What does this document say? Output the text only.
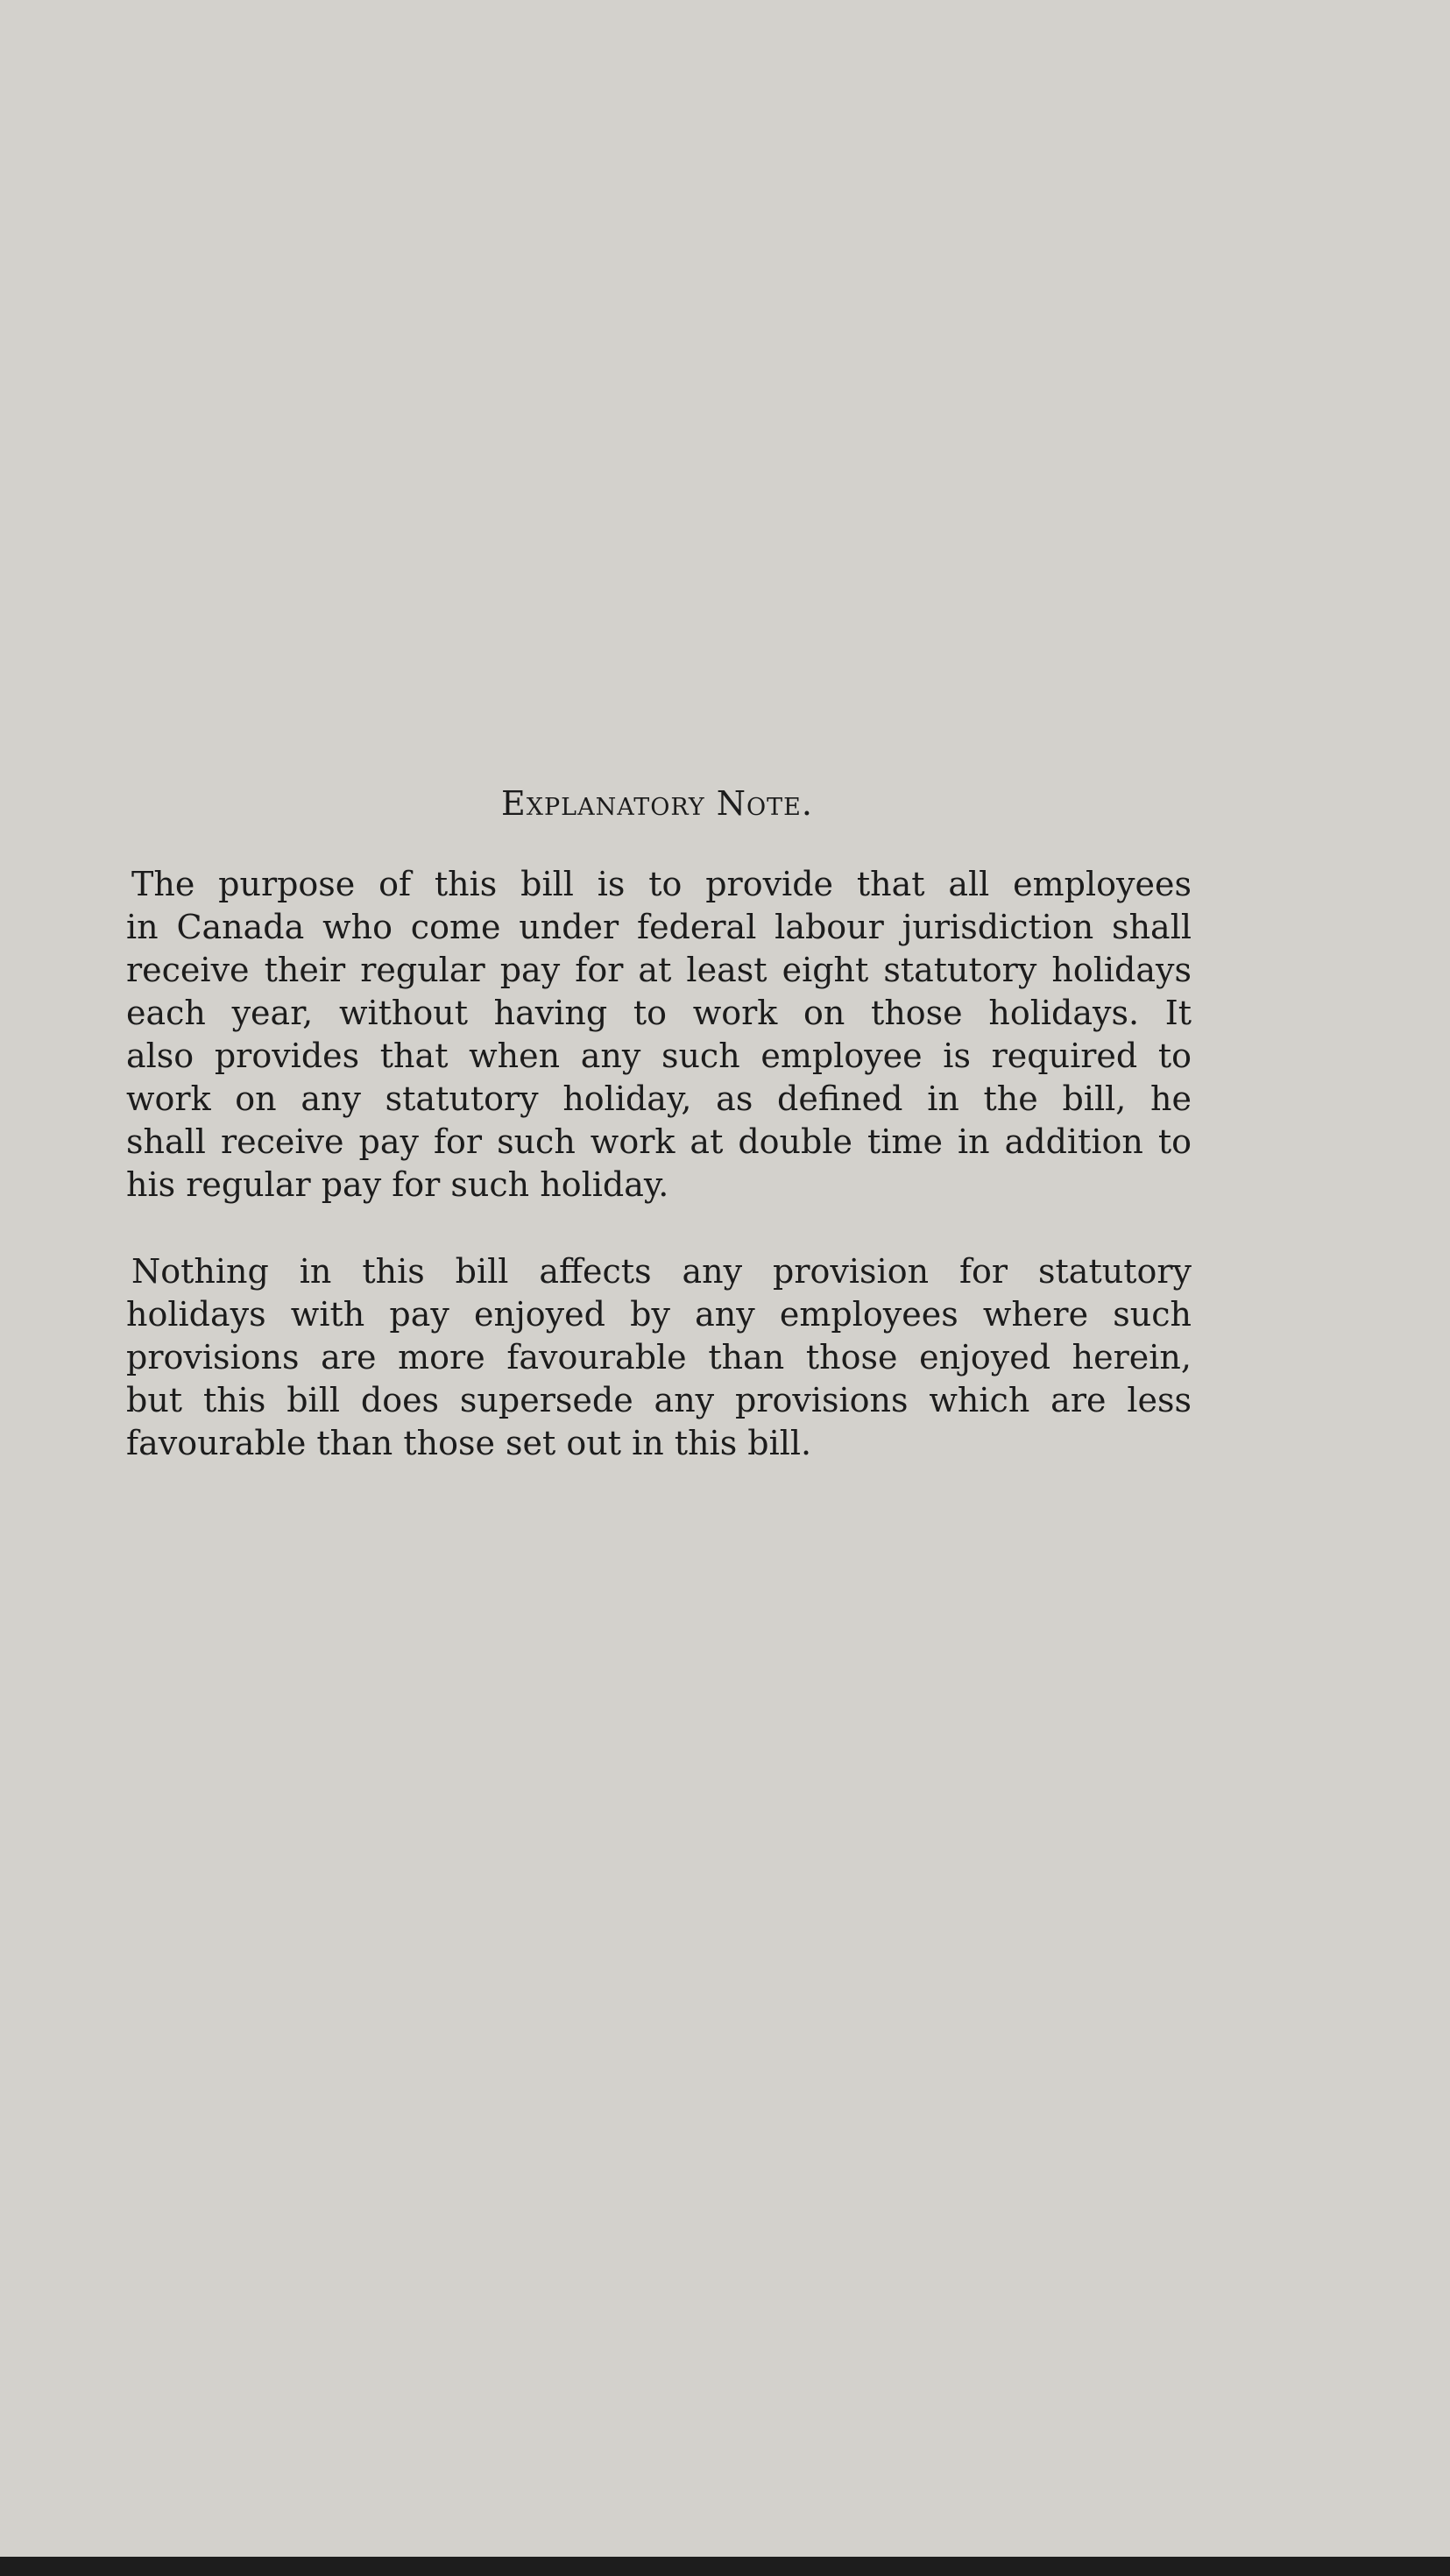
Explanatory Note.

The purpose of this bill is to provide that all employees
in Canada who come under federal labour jurisdiction shall
receive their regular pay for at least eight statutory holidays
each year, without having to work on those holidays. It
also provides that when any such employee is required to
work on any statutory holiday, as defined in the bill, he
shall receive pay for such work at double time in addition to
his regular pay for such holiday.

Nothing in this bill affects any provision for statutory
holidays with pay enjoyed by any employees where such
provisions are more favourable than those enjoyed herein,
but this bill does supersede any provisions which are less
favourable than those set out in this bill.
